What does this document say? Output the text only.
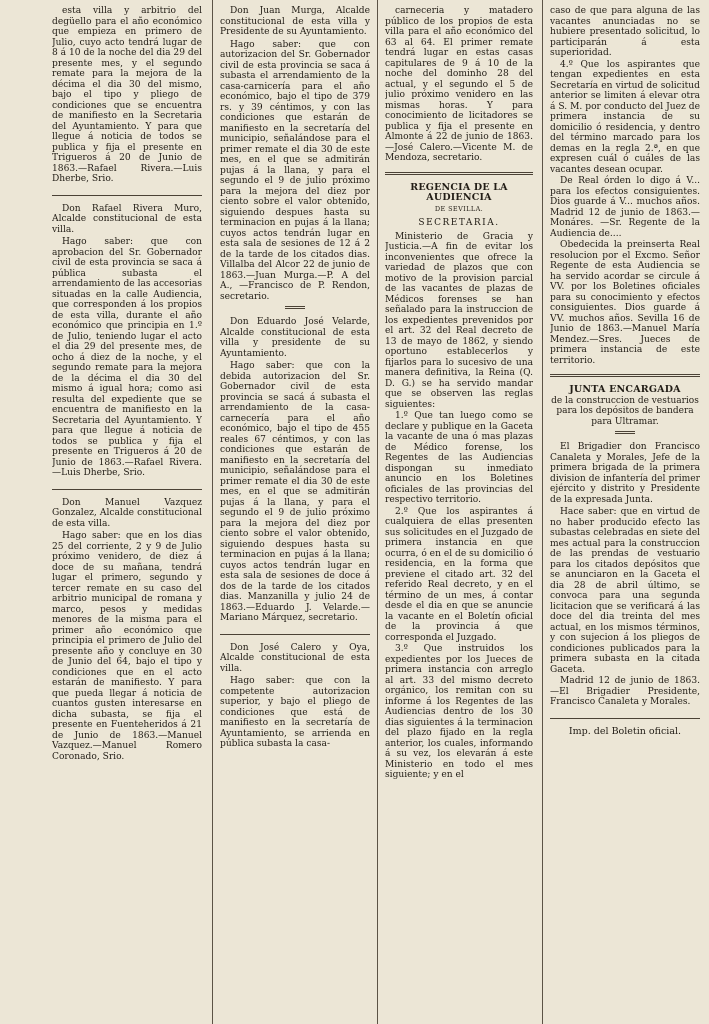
esta villa y arbitrio del degüello para el año económico que empieza en primero de Julio, cuyo acto tendrá lugar de 8 á 10 de la noche del dia 29 del presente mes, y el segundo remate para la mejora de la décima el dia 30 del mismo, bajo el tipo y pliego de condiciones que se encuentra de manifiesto en la Secretaria del Ayuntamiento. Y para que llegue á noticia de todos se publica y fija el presente en Trigueros á 20 de Junio de 1863.—Rafael Rivera.—Luis Dherbe, Srio.

Don Rafael Rivera Muro, Alcalde constitucional de esta villa.

Hago saber: que con aprobacion del Sr. Gobernador civil de esta provincia se saca á pública subasta el arrendamiento de las accesorias situadas en la calle Audiencia, que corresponden á los propios de esta villa, durante el año económico que principia en 1.º de Julio, teniendo lugar el acto el dia 29 del presente mes, de ocho á diez de la noche, y el segundo remate para la mejora de la décima el dia 30 del mismo á igual hora; como asi resulta del expediente que se encuentra de manifiesto en la Secretaria del Ayuntamiento. Y para que llegue á noticia de todos se publica y fija el presente en Trigueros á 20 de Junio de 1863.—Rafael Rivera.—Luis Dherbe, Srio.

Don Manuel Vazquez Gonzalez, Alcalde constitucional de esta villa.

Hago saber: que en los dias 25 del corriente, 2 y 9 de Julio próximo venidero, de diez á doce de su mañana, tendrá lugar el primero, segundo y tercer remate en su caso del arbitrio municipal de romana y marco, pesos y medidas menores de la misma para el primer año económico que principia el primero de Julio del presente año y concluye en 30 de Junio del 64, bajo el tipo y condiciones que en el acto estarán de manifiesto. Y para que pueda llegar á noticia de cuantos gusten interesarse en dicha subasta, se fija el presente en Fuenteheridos á 21 de Junio de 1863.—Manuel Vazquez.—Manuel Romero Coronado, Srio.

Don Juan Murga, Alcalde constitucional de esta villa y Presidente de su Ayuntamiento.

Hago saber: que con autorizacion del Sr. Gobernador civil de esta provincia se saca á subasta el arrendamiento de la casa-carnicería para el año económico, bajo el tipo de 379 rs. y 39 céntimos, y con las condiciones que estarán de manifiesto en la secretaría del municipio, señalándose para el primer remate el dia 30 de este mes, en el que se admitirán pujas á la llana, y para el segundo el 9 de julio próximo para la mejora del diez por ciento sobre el valor obtenido, siguiendo despues hasta su terminacion en pujas á la llana; cuyos actos tendrán lugar en esta sala de sesiones de 12 á 2 de la tarde de los citados dias. Villalba del Alcor 22 de junio de 1863.—Juan Murga.—P. A del A., —Francisco de P. Rendon, secretario.

Don Eduardo José Velarde, Alcalde constitucional de esta villa y presidente de su Ayuntamiento.

Hago saber: que con la debida autorizacion del Sr. Gobernador civil de esta provincia se sacá á subasta el arrendamiento de la casa-carnecería para el año económico, bajo el tipo de 455 reales 67 céntimos, y con las condiciones que estarán de manifiesto en la secretaría del municipio, señalándose para el primer remate el dia 30 de este mes, en el que se admitirán pujas á la llana, y para el segundo el 9 de julio próximo para la mejora del diez por ciento sobre el valor obtenido, siguiendo despues hasta su terminacion en pujas á la llana; cuyos actos tendrán lugar en esta sala de sesiones de doce á dos de la tarde de los citados dias. Manzanilla y julio 24 de 1863.—Eduardo J. Velarde.—Mariano Márquez, secretario.

Don José Calero y Oya, Alcalde constitucional de esta villa.

Hago saber: que con la competente autorizacion superior, y bajo el pliego de condiciones que está de manifiesto en la secretaría de Ayuntamiento, se arrienda en pública subasta la casa-

carnecería y matadero público de los propios de esta villa para el año económico del 63 al 64. El primer remate tendrá lugar en estas casas capitulares de 9 á 10 de la noche del dominho 28 del actual, y el segundo el 5 de julio próximo venidero en las mismas horas. Y para conocimiento de licitadores se publica y fija el presente en Almonte á 22 de junio de 1863.—José Calero.—Vicente M. de Mendoza, secretario.

REGENCIA DE LA AUDIENCIA
DE SEVILLA.
SECRETARIA.

Ministerio de Gracia y Justicia.—A fin de evitar los inconvenientes que ofrece la variedad de plazos que con motivo de la provision parcial de las vacantes de plazas de Médicos forenses se han señalado para la instruccion de los expedientes prevenidos por el art. 32 del Real decreto de 13 de mayo de 1862, y siendo oportuno establecerlos y fijarlos para lo sucesivo de una manera definitiva, la Reina (Q. D. G.) se ha servido mandar que se observen las reglas siguientes:

1.º Que tan luego como se declare y publique en la Gaceta la vacante de una ó mas plazas de Médico forense, los Regentes de las Audiencias dispongan su inmediato anuncio en los Boletines oficiales de las provincias del respectivo territorio.

2.º Que los aspirantes á cualquiera de ellas presenten sus solicitudes en el Juzgado de primera instancia en que ocurra, ó en el de su domicilio ó residencia, en la forma que previene el citado art. 32 del referido Real decreto, y en el término de un mes, á contar desde el dia en que se anuncie la vacante en el Boletín oficial de la provincia á que corresponda el Juzgado.

3.º Que instruidos los expedientes por los Jueces de primera instancia con arreglo al art. 33 del mismo decreto orgánico, los remitan con su informe á los Regentes de las Audiencias dentro de los 30 dias siguientes á la terminacion del plazo fijado en la regla anterior, los cuales, informando á su vez, los elevarán á este Ministerio en todo el mes siguiente; y en el

caso de que para alguna de las vacantes anunciadas no se hubiere presentado solicitud, lo participarán á esta superioridad.

4.º Que los aspirantes que tengan expedientes en esta Secretaría en virtud de solicitud anterior se limiten á elevar otra á S. M. por conducto del Juez de primera instancia de su domicilio ó residencia, y dentro del término marcado para los demas en la regla 2.ª, en que expresen cuál ó cuáles de las vacantes desean ocupar.

De Real órden lo digo á V... para los efectos consiguientes. Dios guarde á V... muchos años. Madrid 12 de junio de 1863.—Monáres. —Sr. Regente de la Audiencia de....

Obedecida la preinserta Real resolucion por el Excmo. Señor Regente de esta Audiencia se ha servido acordar se circule á VV. por los Boletines oficiales para su conocimiento y efectos consiguientes. Dios guarde á VV. muchos años. Sevilla 16 de Junio de 1863.—Manuel María Mendez.—Sres. Jueces de primera instancia de este territorio.

JUNTA ENCARGADA
de la construccion de vestuarios para los depósitos de bandera para Ultramar.

El Brigadier don Francisco Canaleta y Morales, Jefe de la primera brigada de la primera division de infantería del primer ejército y distrito y Presidente de la expresada Junta.

Hace saber: que en virtud de no haber producido efecto las subastas celebradas en siete del mes actual para la construccion de las prendas de vestuario para los citados depósitos que se anunciaron en la Gaceta el dia 28 de abril último, se convoca para una segunda licitacion que se verificará á las doce del dia treinta del mes actual, en los mismos términos, y con sujecion á los pliegos de condiciones publicados para la primera subasta en la citada Gaceta.

Madrid 12 de junio de 1863.—El Brigadier Presidente, Francisco Canaleta y Morales.

Imp. del Boletin oficial.
